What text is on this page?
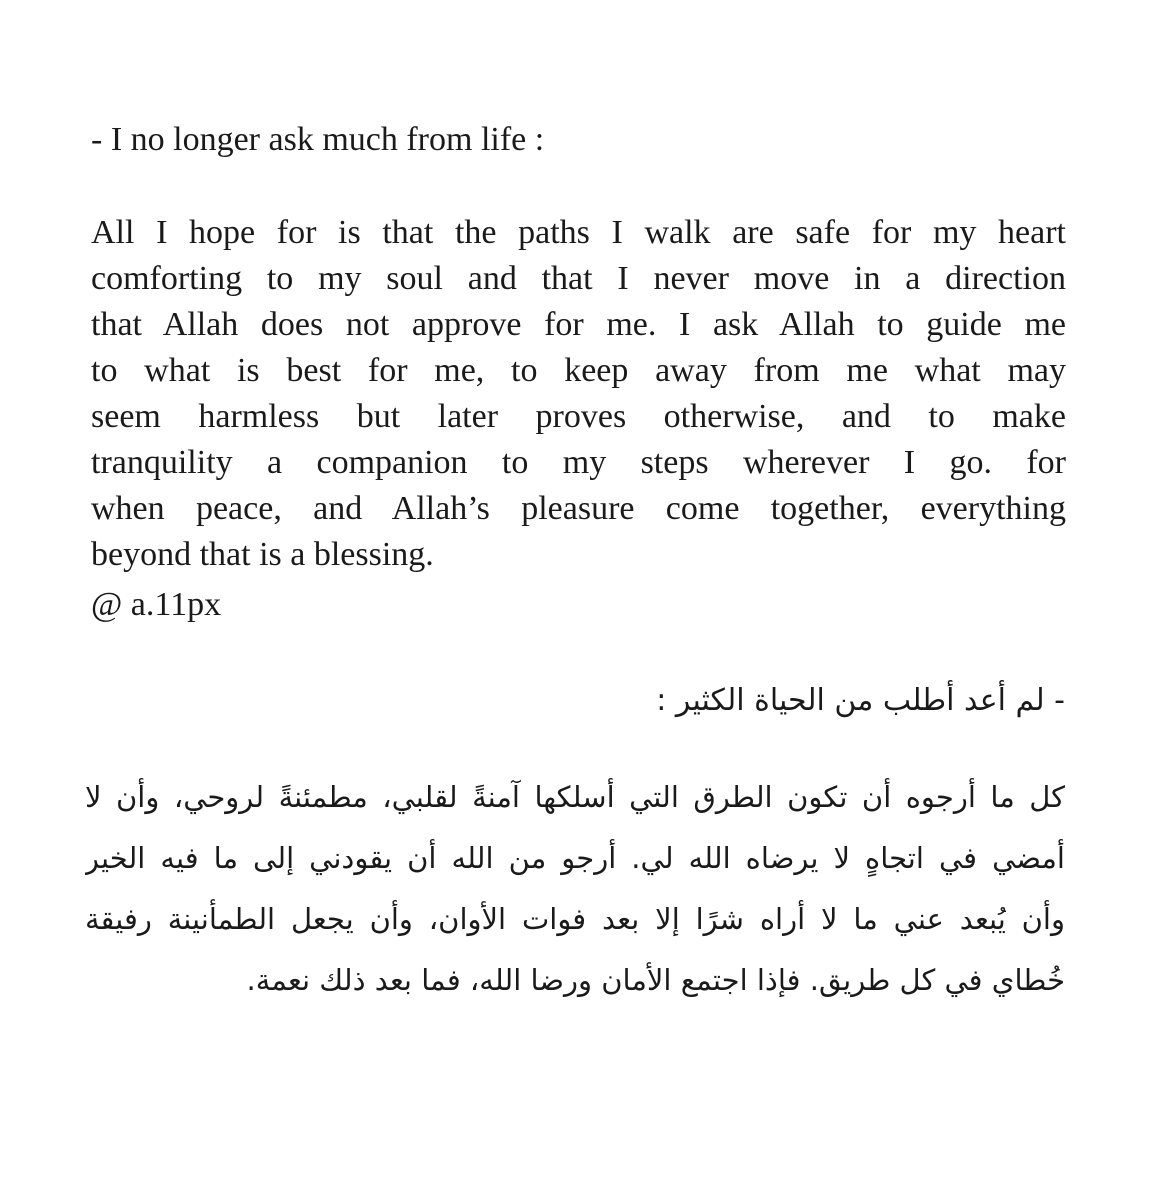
- I no longer ask much from life :
All I hope for is that the paths I walk are safe for my heart
comforting to my soul and that I never move in a direction
that Allah does not approve for me. I ask Allah to guide me
to what is best for me, to keep away from me what may
seem harmless but later proves otherwise, and to make
tranquility a companion to my steps wherever I go. for
when peace, and Allah’s pleasure come together, everything
beyond that is a blessing.
@ a.11px
- لم أعد أطلب من الحياة الكثير :
كل ما أرجوه أن تكون الطرق التي أسلكها آمنةً لقلبي، مطمئنةً لروحي، وأن لا
أمضي في اتجاهٍ لا يرضاه الله لي. أرجو من الله أن يقودني إلى ما فيه الخير
وأن يُبعد عني ما لا أراه شرًا إلا بعد فوات الأوان، وأن يجعل الطمأنينة رفيقة
خُطاي في كل طريق. فإذا اجتمع الأمان ورضا الله، فما بعد ذلك نعمة.
